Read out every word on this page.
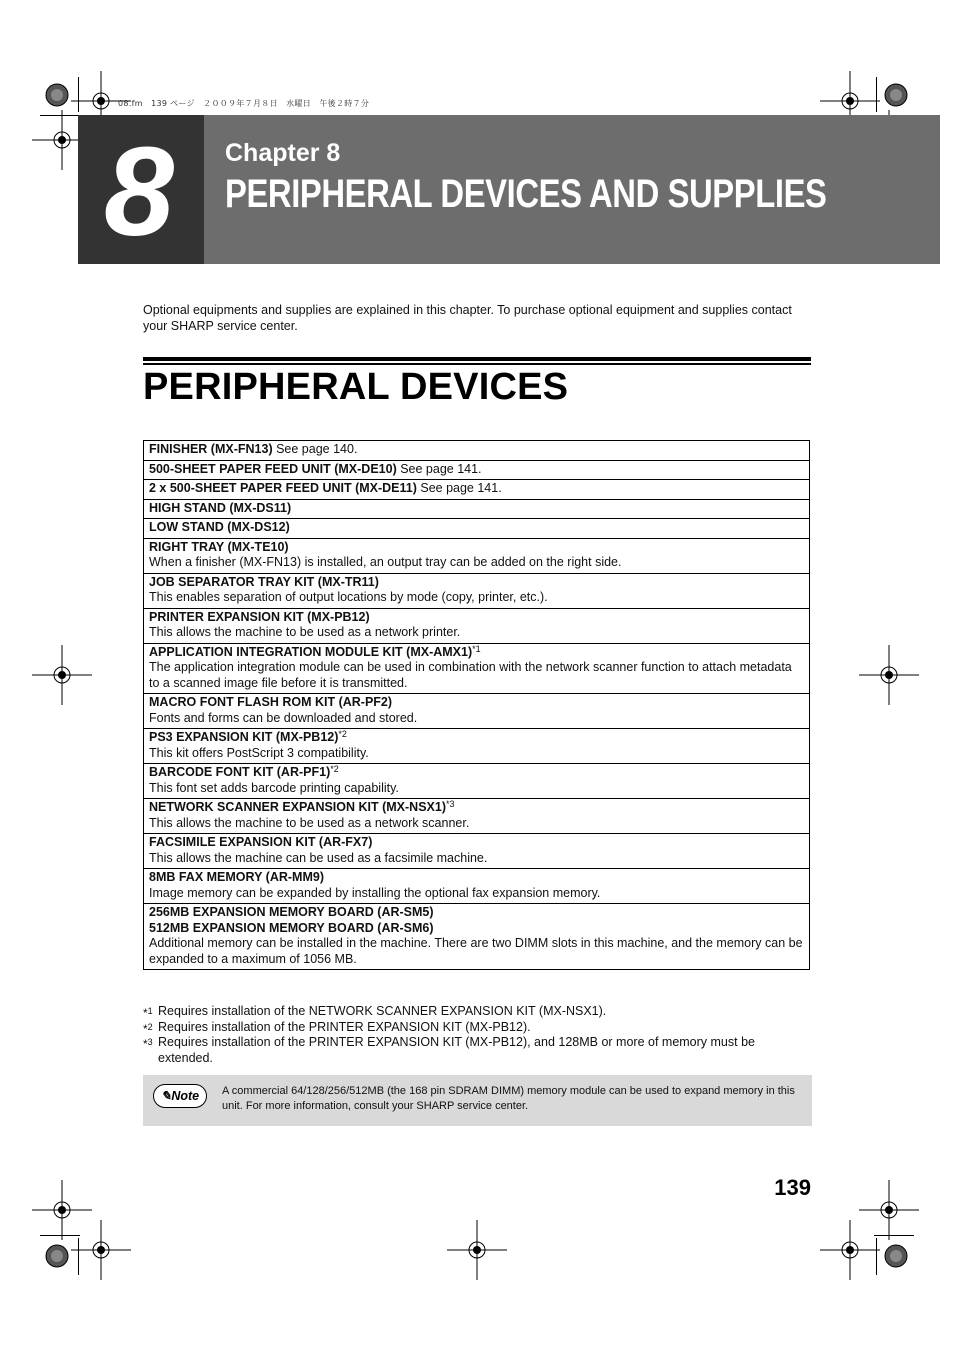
08.fm　139 ページ　２００９年７月８日　水曜日　午後２時７分
8 Chapter 8
PERIPHERAL DEVICES AND SUPPLIES
Optional equipments and supplies are explained in this chapter. To purchase optional equipment and supplies contact your SHARP service center.
PERIPHERAL DEVICES
FINISHER (MX-FN13) See page 140.
500-SHEET PAPER FEED UNIT (MX-DE10) See page 141.
2 x 500-SHEET PAPER FEED UNIT (MX-DE11) See page 141.
HIGH STAND (MX-DS11)
LOW STAND (MX-DS12)
RIGHT TRAY (MX-TE10)
When a finisher (MX-FN13) is installed, an output tray can be added on the right side.
JOB SEPARATOR TRAY KIT (MX-TR11)
This enables separation of output locations by mode (copy, printer, etc.).
PRINTER EXPANSION KIT (MX-PB12)
This allows the machine to be used as a network printer.
APPLICATION INTEGRATION MODULE KIT $(MX-AMX1)^{*1}$
The application integration module can be used in combination with the network scanner function to attach metadata to a scanned image file before it is transmitted.
MACRO FONT FLASH ROM KIT (AR-PF2)
Fonts and forms can be downloaded and stored.
PS3 EXPANSION KIT $(MX-PB12)^{*2}$
This kit offers PostScript 3 compatibility.
BARCODE FONT KIT $(AR-PF1)^{*2}$
This font set adds barcode printing capability.
NETWORK SCANNER EXPANSION KIT $(MX-NSX1)^{*3}$
This allows the machine to be used as a network scanner.
FACSIMILE EXPANSION KIT (AR-FX7)
This allows the machine can be used as a facsimile machine.
8MB FAX MEMORY (AR-MM9)
Image memory can be expanded by installing the optional fax expansion memory.
256MB EXPANSION MEMORY BOARD (AR-SM5)
512MB EXPANSION MEMORY BOARD (AR-SM6)
Additional memory can be installed in the machine. There are two DIMM slots in this machine, and the memory can be expanded to a maximum of 1056 MB.
*$^1$ Requires installation of the NETWORK SCANNER EXPANSION KIT (MX-NSX1).
*$^2$ Requires installation of the PRINTER EXPANSION KIT (MX-PB12).
*$^3$ Requires installation of the PRINTER EXPANSION KIT (MX-PB12), and 128MB or more of memory must be extended.
✎Note	A commercial 64/128/256/512MB (the 168 pin SDRAM DIMM) memory module can be used to expand memory in this unit. For more information, consult your SHARP service center.
139
